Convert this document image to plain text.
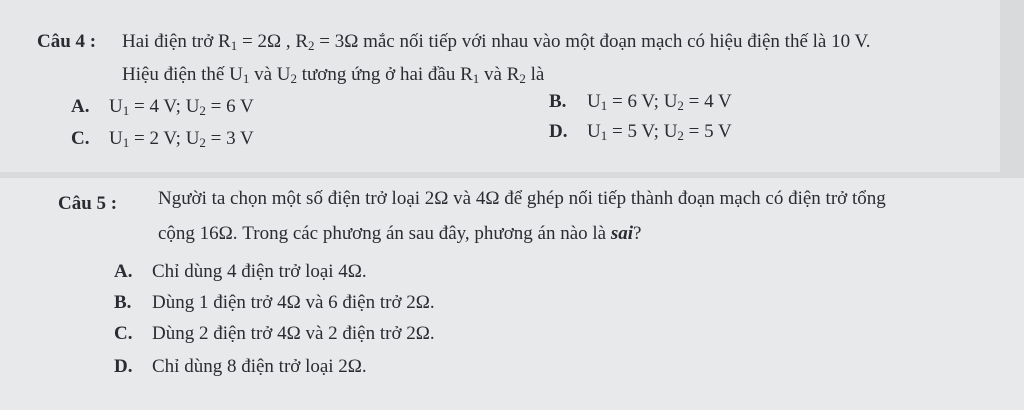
Câu 4 : Hai điện trở $R_1 = 2\Omega$ , $R_2 = 3\Omega$ mắc nối tiếp với nhau vào một đoạn mạch có hiệu điện thế là 10 V.
Hiệu điện thế $U_1$ và $U_2$ tương ứng ở hai đầu $R_1$ và $R_2$ là
A. $U_1 = 4$ V; $U_2 = 6$ V	B. $U_1 = 6$ V; $U_2 = 4$ V
C. $U_1 = 2$ V; $U_2 = 3$ V	D. $U_1 = 5$ V; $U_2 = 5$ V
Câu 5 : Người ta chọn một số điện trở loại 2Ω và 4Ω để ghép nối tiếp thành đoạn mạch có điện trở tổng
cộng 16Ω. Trong các phương án sau đây, phương án nào là sai?
A. Chỉ dùng 4 điện trở loại 4Ω.
B. Dùng 1 điện trở 4Ω và 6 điện trở 2Ω.
C. Dùng 2 điện trở 4Ω và 2 điện trở 2Ω.
D. Chỉ dùng 8 điện trở loại 2Ω.
